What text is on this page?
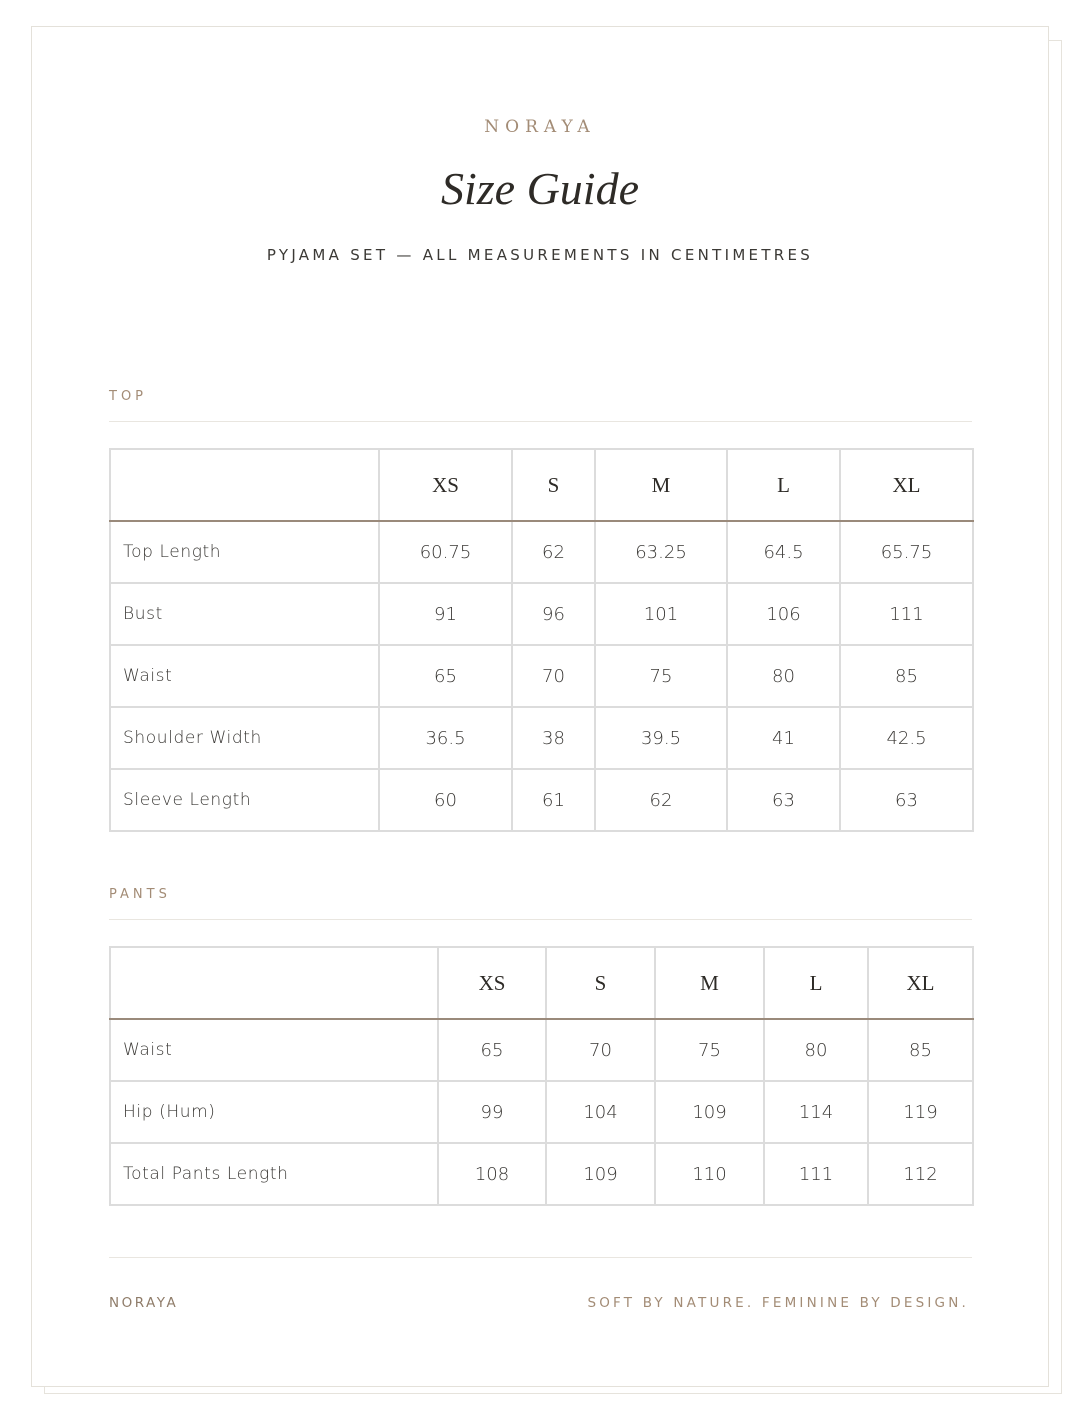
NORAYA
Size Guide
PYJAMA SET — ALL MEASUREMENTS IN CENTIMETRES
TOP
	XS	S	M	L	XL
Top Length	60.75	62	63.25	64.5	65.75
Bust	91	96	101	106	111
Waist	65	70	75	80	85
Shoulder Width	36.5	38	39.5	41	42.5
Sleeve Length	60	61	62	63	63
PANTS
	XS	S	M	L	XL
Waist	65	70	75	80	85
Hip (Hum)	99	104	109	114	119
Total Pants Length	108	109	110	111	112
NORAYA	SOFT BY NATURE. FEMININE BY DESIGN.
